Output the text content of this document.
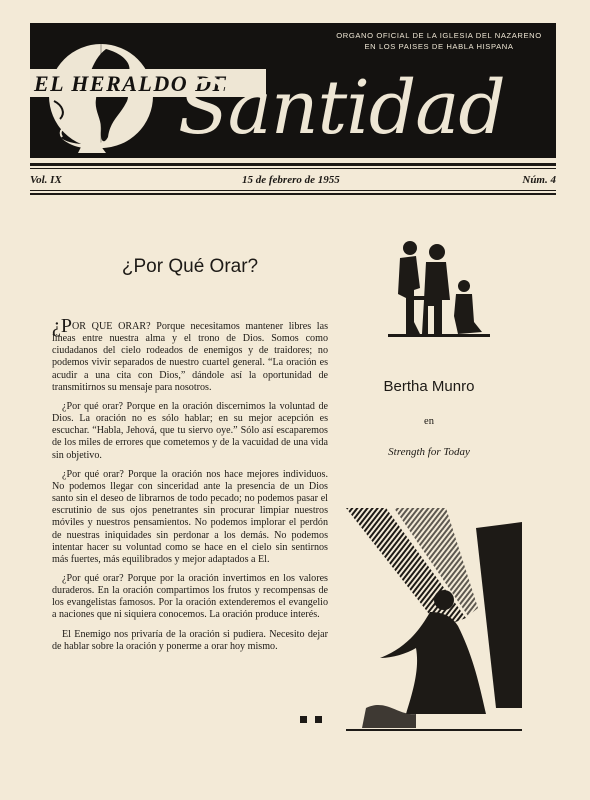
ORGANO OFICIAL DE LA IGLESIA DEL NAZARENO
EN LOS PAISES DE HABLA HISPANA
EL HERALDO DE
Santidad
Vol. IX	15 de febrero de 1955	Núm. 4
¿Por Qué Orar?

¿POR QUE ORAR? Porque necesitamos mantener libres las líneas entre nuestra alma y el trono de Dios. Somos como ciudadanos del cielo rodeados de enemigos y de traidores; no podemos vivir separados de nuestro cuartel general. “La oración es acudir a una cita con Dios,” dándole así la oportunidad de transmitirnos su mensaje para nosotros.

¿Por qué orar? Porque en la oración discernimos la voluntad de Dios. La oración no es sólo hablar; en su mejor acepción es escuchar. “Habla, Jehová, que tu siervo oye.” Sólo así escaparemos de los miles de errores que cometemos y de la vacuidad de una vida sin objetivo.

¿Por qué orar? Porque la oración nos hace mejores individuos. No podemos llegar con sinceridad ante la presencia de un Dios santo sin el deseo de librarnos de todo pecado; no podemos pasar el escrutinio de sus ojos penetrantes sin procurar limpiar nuestros móviles y nuestros pensamientos. No podemos implorar el perdón de nuestras iniquidades sin perdonar a los demás. No podemos intentar hacer su voluntad como se hace en el cielo sin sentirnos más fuertes, más equilibrados y mejor adaptados a El.

¿Por qué orar? Porque por la oración invertimos en los valores duraderos. En la oración compartimos los frutos y recompensas de los evangelistas famosos. Por la oración extenderemos el evangelio a naciones que ni siquiera conocemos. La oración produce interés.

El Enemigo nos privaría de la oración si pudiera. Necesito dejar de hablar sobre la oración y ponerme a orar hoy mismo.

Bertha Munro
en
Strength for Today
